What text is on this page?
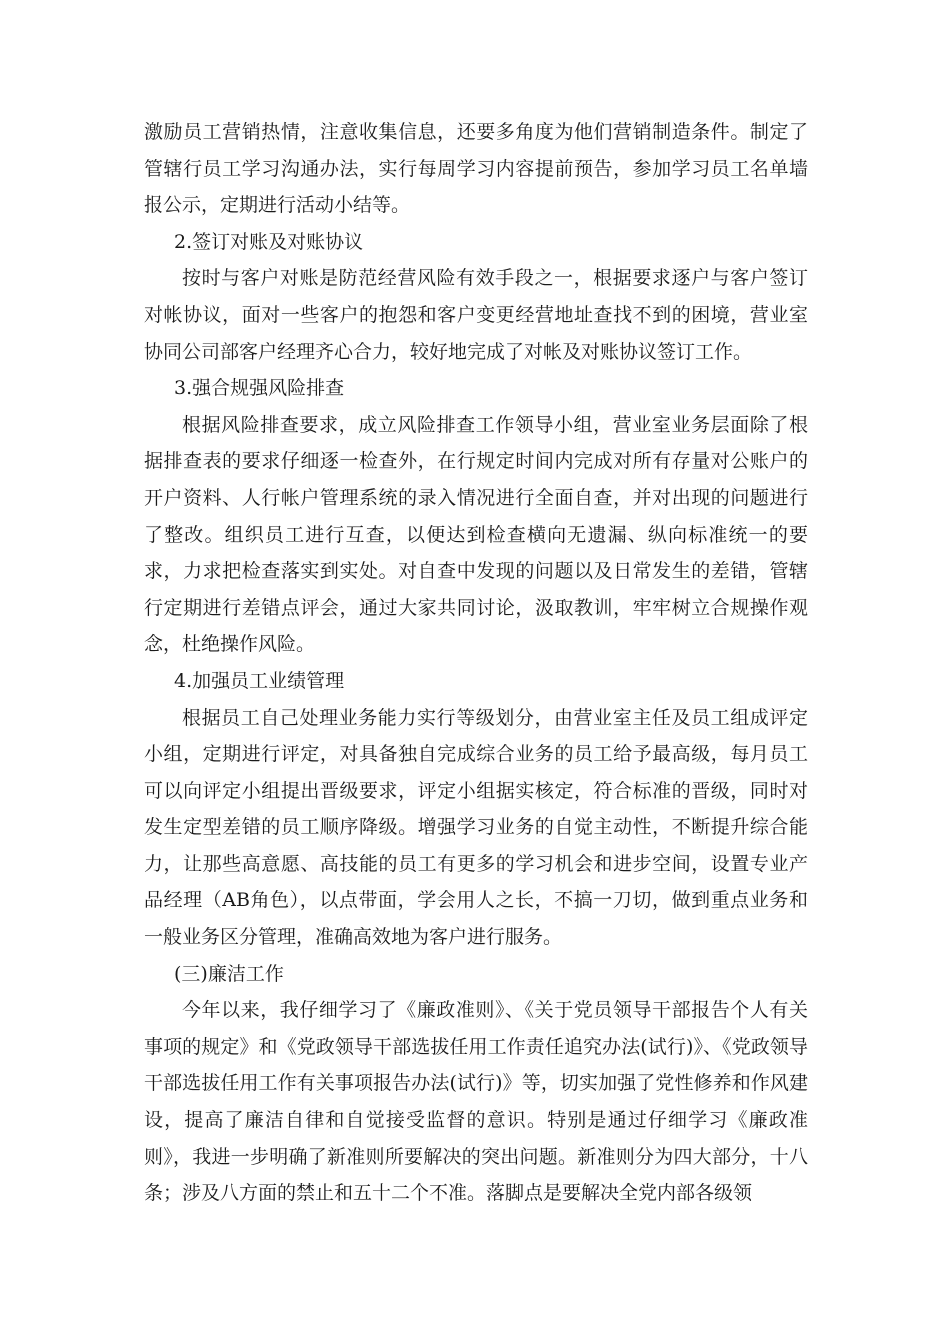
激励员工营销热情，注意收集信息，还要多角度为他们营销制造条件。制定了管辖行员工学习沟通办法，实行每周学习内容提前预告，参加学习员工名单墙报公示，定期进行活动小结等。

2.签订对账及对账协议

按时与客户对账是防范经营风险有效手段之一，根据要求逐户与客户签订对帐协议，面对一些客户的抱怨和客户变更经营地址查找不到的困境，营业室协同公司部客户经理齐心合力，较好地完成了对帐及对账协议签订工作。

3.强合规强风险排查

根据风险排查要求，成立风险排查工作领导小组，营业室业务层面除了根据排查表的要求仔细逐一检查外，在行规定时间内完成对所有存量对公账户的开户资料、人行帐户管理系统的录入情况进行全面自查，并对出现的问题进行了整改。组织员工进行互查，以便达到检查横向无遗漏、纵向标准统一的要求，力求把检查落实到实处。对自查中发现的问题以及日常发生的差错，管辖行定期进行差错点评会，通过大家共同讨论，汲取教训，牢牢树立合规操作观念，杜绝操作风险。

4.加强员工业绩管理

根据员工自己处理业务能力实行等级划分，由营业室主任及员工组成评定小组，定期进行评定，对具备独自完成综合业务的员工给予最高级，每月员工可以向评定小组提出晋级要求，评定小组据实核定，符合标准的晋级，同时对发生定型差错的员工顺序降级。增强学习业务的自觉主动性，不断提升综合能力，让那些高意愿、高技能的员工有更多的学习机会和进步空间，设置专业产品经理（AB角色），以点带面，学会用人之长，不搞一刀切，做到重点业务和一般业务区分管理，准确高效地为客户进行服务。

(三)廉洁工作

今年以来，我仔细学习了《廉政准则》、《关于党员领导干部报告个人有关事项的规定》和《党政领导干部选拔任用工作责任追究办法(试行)》、《党政领导干部选拔任用工作有关事项报告办法(试行)》等，切实加强了党性修养和作风建设，提高了廉洁自律和自觉接受监督的意识。特别是通过仔细学习《廉政准则》，我进一步明确了新准则所要解决的突出问题。新准则分为四大部分，十八条；涉及八方面的禁止和五十二个不准。落脚点是要解决全党内部各级领
